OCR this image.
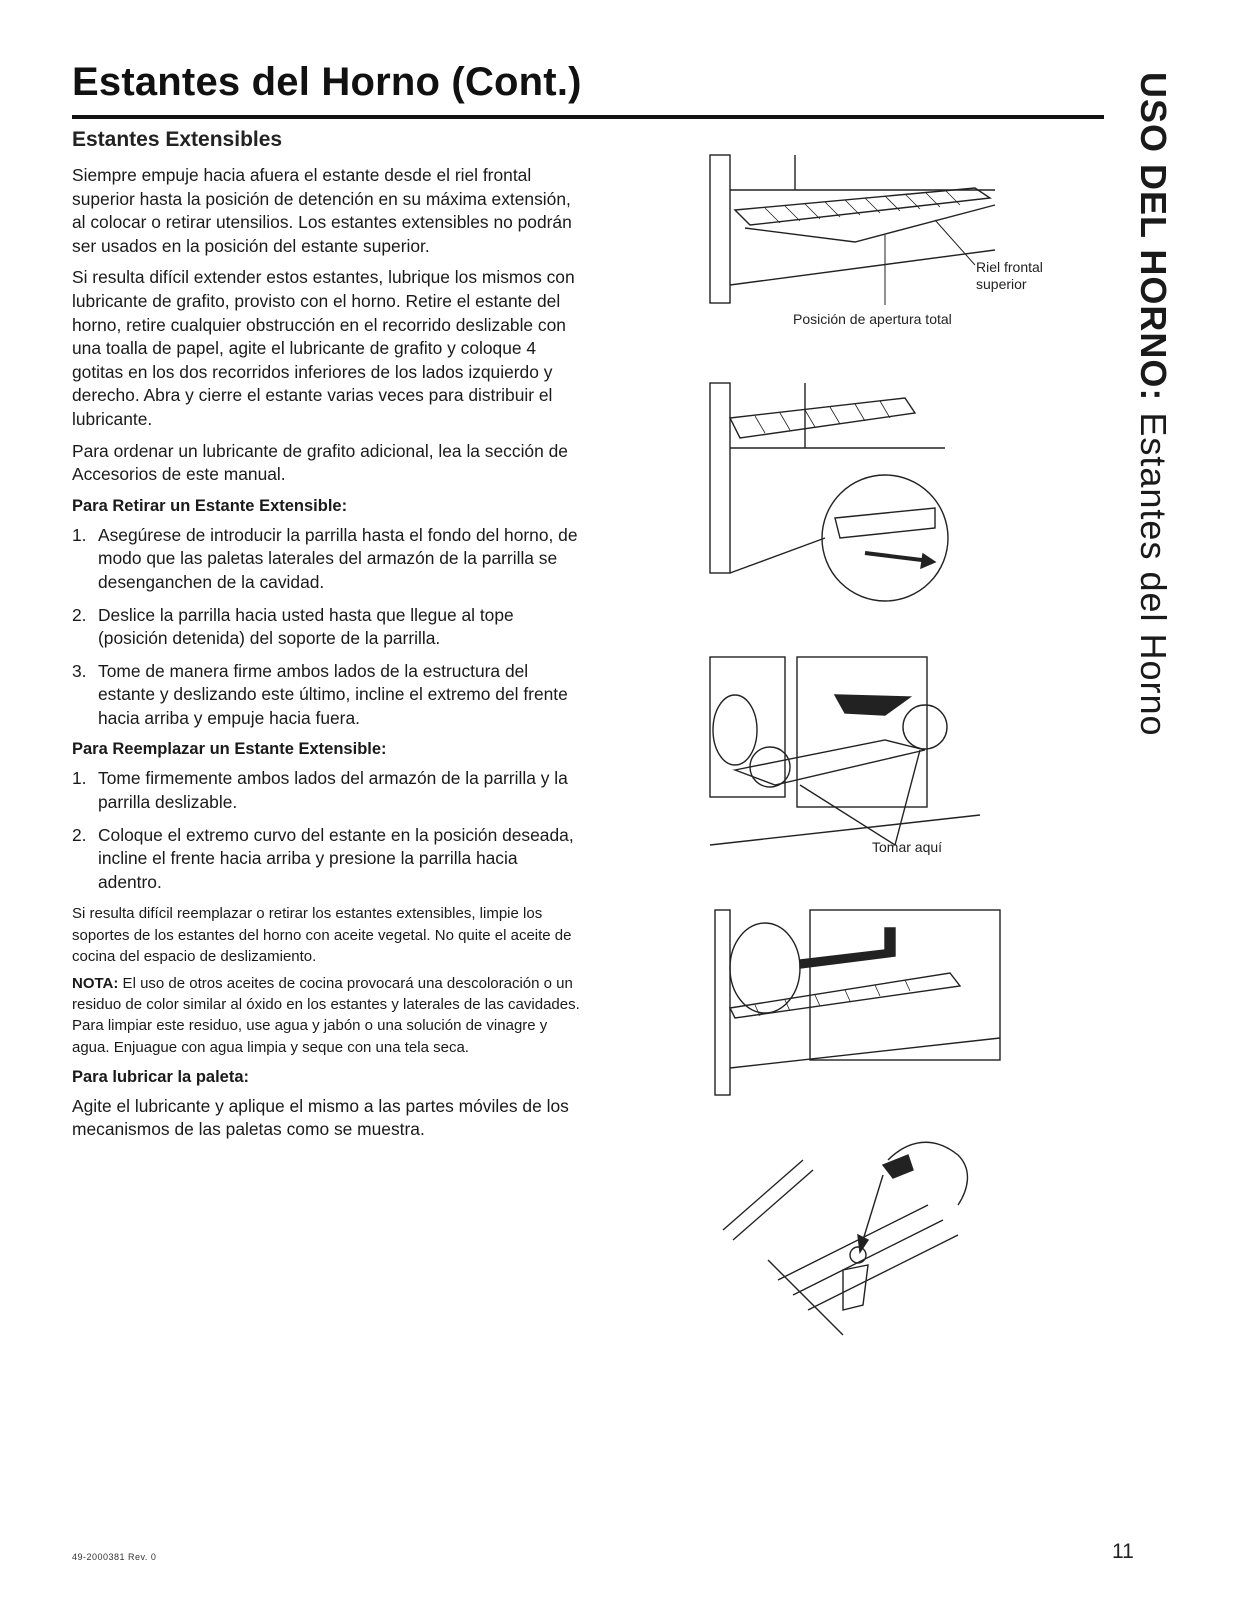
Estantes del Horno (Cont.)	USO DEL HORNO: Estantes del Horno
Estantes Extensibles

Siempre empuje hacia afuera el estante desde el riel frontal superior hasta la posición de detención en su máxima extensión, al colocar o retirar utensilios. Los estantes extensibles no podrán ser usados en la posición del estante superior.

Si resulta difícil extender estos estantes, lubrique los mismos con lubricante de grafito, provisto con el horno. Retire el estante del horno, retire cualquier obstrucción en el recorrido deslizable con una toalla de papel, agite el lubricante de grafito y coloque 4 gotitas en los dos recorridos inferiores de los lados izquierdo y derecho. Abra y cierre el estante varias veces para distribuir el lubricante.

Para ordenar un lubricante de grafito adicional, lea la sección de Accesorios de este manual.

Para Retirar un Estante Extensible:
1. Asegúrese de introducir la parrilla hasta el fondo del horno, de modo que las paletas laterales del armazón de la parrilla se desenganchen de la cavidad.
2. Deslice la parrilla hacia usted hasta que llegue al tope (posición detenida) del soporte de la parrilla.
3. Tome de manera firme ambos lados de la estructura del estante y deslizando este último, incline el extremo del frente hacia arriba y empuje hacia fuera.
Para Reemplazar un Estante Extensible:
1. Tome firmemente ambos lados del armazón de la parrilla y la parrilla deslizable.
2. Coloque el extremo curvo del estante en la posición deseada, incline el frente hacia arriba y presione la parrilla hacia adentro.

Si resulta difícil reemplazar o retirar los estantes extensibles, limpie los soportes de los estantes del horno con aceite vegetal. No quite el aceite de cocina del espacio de deslizamiento.

NOTA: El uso de otros aceites de cocina provocará una descoloración o un residuo de color similar al óxido en los estantes y laterales de las cavidades. Para limpiar este residuo, use agua y jabón o una solución de vinagre y agua. Enjuague con agua limpia y seque con una tela seca.

Para lubricar la paleta:

Agite el lubricante y aplique el mismo a las partes móviles de los mecanismos de las paletas como se muestra.

Riel frontal
superior
Posición de apertura total
Tomar aquí
49-2000381 Rev. 0	11
